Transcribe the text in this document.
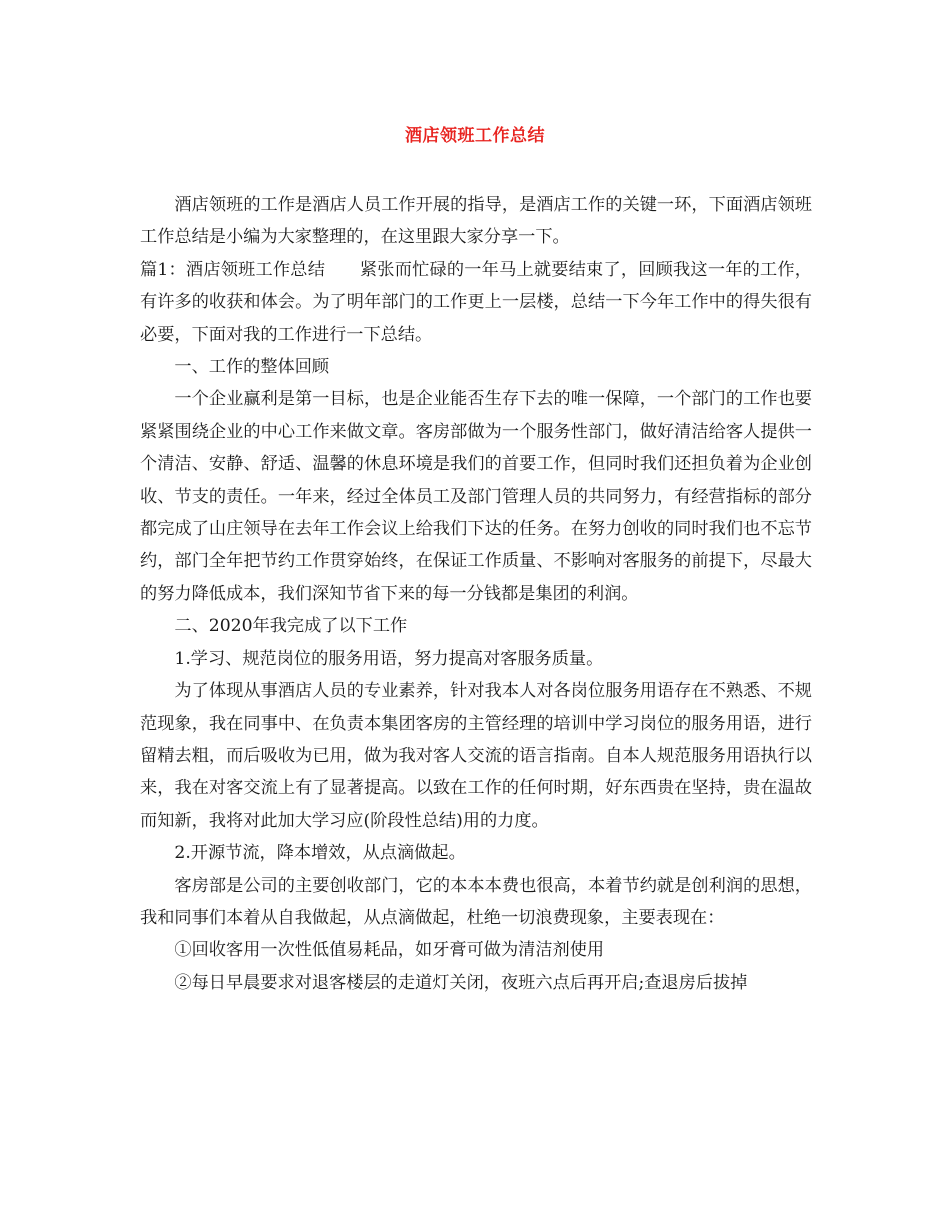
酒店领班工作总结

酒店领班的工作是酒店人员工作开展的指导，是酒店工作的关键一环，下面酒店领班工作总结是小编为大家整理的，在这里跟大家分享一下。

篇1：酒店领班工作总结　　紧张而忙碌的一年马上就要结束了，回顾我这一年的工作，有许多的收获和体会。为了明年部门的工作更上一层楼，总结一下今年工作中的得失很有必要，下面对我的工作进行一下总结。

一、工作的整体回顾

一个企业赢利是第一目标，也是企业能否生存下去的唯一保障，一个部门的工作也要紧紧围绕企业的中心工作来做文章。客房部做为一个服务性部门，做好清洁给客人提供一个清洁、安静、舒适、温馨的休息环境是我们的首要工作，但同时我们还担负着为企业创收、节支的责任。一年来，经过全体员工及部门管理人员的共同努力，有经营指标的部分都完成了山庄领导在去年工作会议上给我们下达的任务。在努力创收的同时我们也不忘节约，部门全年把节约工作贯穿始终，在保证工作质量、不影响对客服务的前提下，尽最大的努力降低成本，我们深知节省下来的每一分钱都是集团的利润。

二、2020年我完成了以下工作

1.学习、规范岗位的服务用语，努力提高对客服务质量。

为了体现从事酒店人员的专业素养，针对我本人对各岗位服务用语存在不熟悉、不规范现象，我在同事中、在负责本集团客房的主管经理的培训中学习岗位的服务用语，进行留精去粗，而后吸收为已用，做为我对客人交流的语言指南。自本人规范服务用语执行以来，我在对客交流上有了显著提高。以致在工作的任何时期，好东西贵在坚持，贵在温故而知新，我将对此加大学习应(阶段性总结)用的力度。

2.开源节流，降本增效，从点滴做起。

客房部是公司的主要创收部门，它的本本本费也很高，本着节约就是创利润的思想，我和同事们本着从自我做起，从点滴做起，杜绝一切浪费现象，主要表现在：

①回收客用一次性低值易耗品，如牙膏可做为清洁剂使用

②每日早晨要求对退客楼层的走道灯关闭，夜班六点后再开启;查退房后拔掉
